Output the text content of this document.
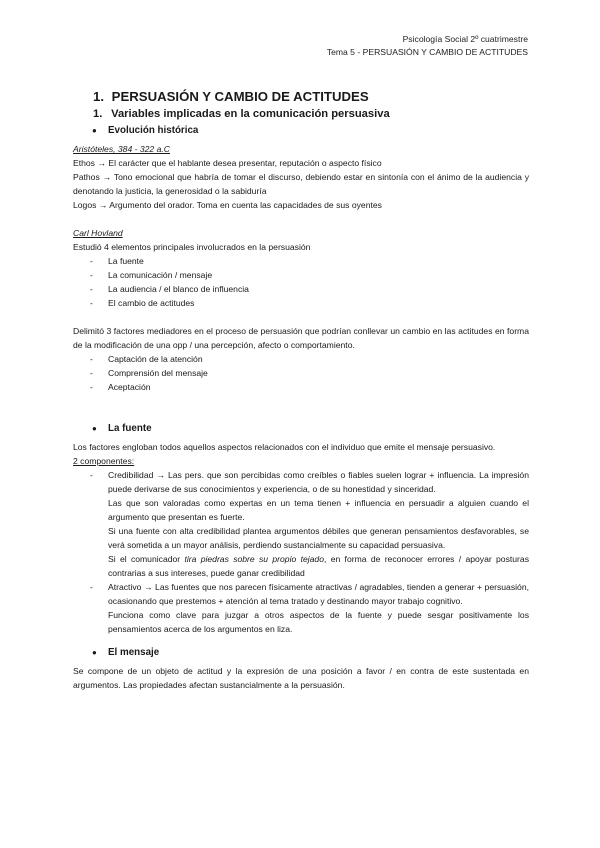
Psicología Social 2º cuatrimestre
Tema 5 - PERSUASIÓN Y CAMBIO DE ACTITUDES
1. PERSUASIÓN Y CAMBIO DE ACTITUDES
1. Variables implicadas en la comunicación persuasiva
●	Evolución histórica

Aristóteles, 384 - 322 a.C

Ethos → El carácter que el hablante desea presentar, reputación o aspecto físico

Pathos → Tono emocional que habría de tomar el discurso, debiendo estar en sintonía con el ánimo de la audiencia y denotando la justicia, la generosidad o la sabiduría

Logos → Argumento del orador. Toma en cuenta las capacidades de sus oyentes

Carl Hovland

Estudió 4 elementos principales involucrados en la persuasión

-	La fuente
-	La comunicación / mensaje
-	La audiencia / el blanco de influencia
-	El cambio de actitudes

Delimitó 3 factores mediadores en el proceso de persuasión que podrían conllevar un cambio en las actitudes en forma de la modificación de una opp / una percepción, afecto o comportamiento.

-	Captación de la atención
-	Comprensión del mensaje
-	Aceptación
●	La fuente

Los factores engloban todos aquellos aspectos relacionados con el individuo que emite el mensaje persuasivo.

2 componentes:

-	Credibilidad → Las pers. que son percibidas como creíbles o fiables suelen lograr + influencia. La impresión puede derivarse de sus conocimientos y experiencia, o de su honestidad y sinceridad.

Las que son valoradas como expertas en un tema tienen + influencia en persuadir a alguien cuando el argumento que presentan es fuerte.

Si una fuente con alta credibilidad plantea argumentos débiles que generan pensamientos desfavorables, se verá sometida a un mayor análisis, perdiendo sustancialmente su capacidad persuasiva.

Si el comunicador tira piedras sobre su propio tejado, en forma de reconocer errores / apoyar posturas contrarias a sus intereses, puede ganar credibilidad

-	Atractivo → Las fuentes que nos parecen físicamente atractivas / agradables, tienden a generar + persuasión, ocasionando que prestemos + atención al tema tratado y destinando mayor trabajo cognitivo.

Funciona como clave para juzgar a otros aspectos de la fuente y puede sesgar positivamente los pensamientos acerca de los argumentos en liza.

●	El mensaje

Se compone de un objeto de actitud y la expresión de una posición a favor / en contra de este sustentada en argumentos. Las propiedades afectan sustancialmente a la persuasión.
